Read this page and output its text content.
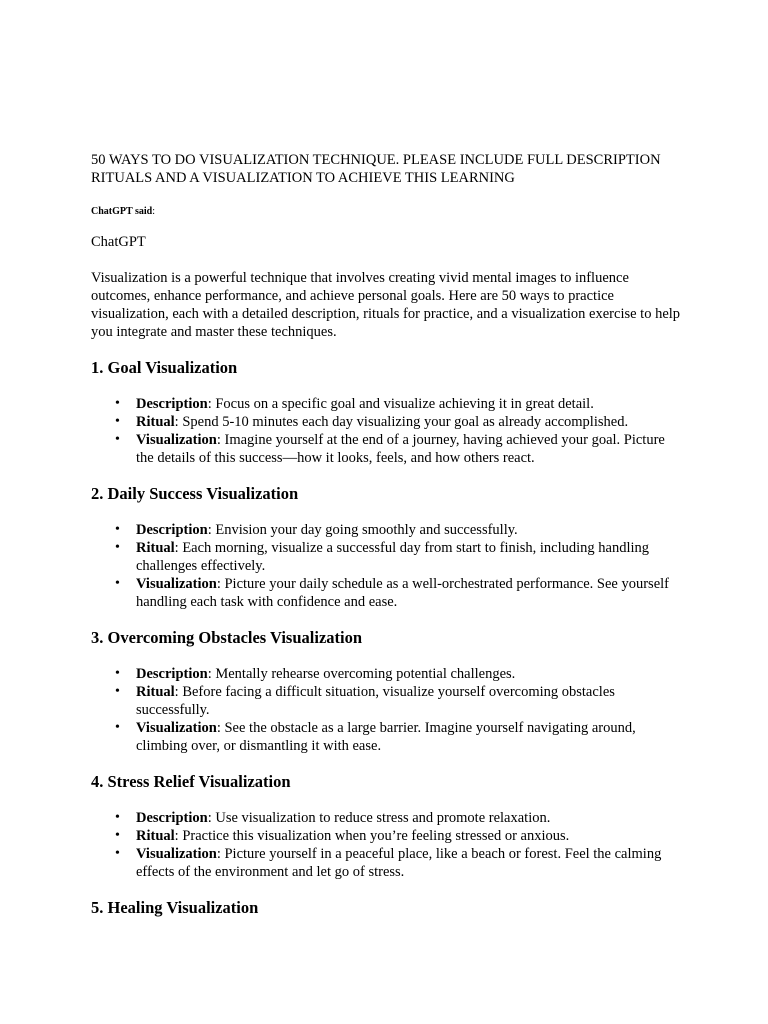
50 WAYS TO DO VISUALIZATION TECHNIQUE. PLEASE INCLUDE FULL DESCRIPTION RITUALS AND A VISUALIZATION TO ACHIEVE THIS LEARNING

ChatGPT said:

ChatGPT

Visualization is a powerful technique that involves creating vivid mental images to influence outcomes, enhance performance, and achieve personal goals. Here are 50 ways to practice visualization, each with a detailed description, rituals for practice, and a visualization exercise to help you integrate and master these techniques.

1. Goal Visualization
• Description: Focus on a specific goal and visualize achieving it in great detail.
• Ritual: Spend 5-10 minutes each day visualizing your goal as already accomplished.
• Visualization: Imagine yourself at the end of a journey, having achieved your goal. Picture the details of this success—how it looks, feels, and how others react.
2. Daily Success Visualization
• Description: Envision your day going smoothly and successfully.
• Ritual: Each morning, visualize a successful day from start to finish, including handling challenges effectively.
• Visualization: Picture your daily schedule as a well-orchestrated performance. See yourself handling each task with confidence and ease.
3. Overcoming Obstacles Visualization
• Description: Mentally rehearse overcoming potential challenges.
• Ritual: Before facing a difficult situation, visualize yourself overcoming obstacles successfully.
• Visualization: See the obstacle as a large barrier. Imagine yourself navigating around, climbing over, or dismantling it with ease.
4. Stress Relief Visualization
• Description: Use visualization to reduce stress and promote relaxation.
• Ritual: Practice this visualization when you’re feeling stressed or anxious.
• Visualization: Picture yourself in a peaceful place, like a beach or forest. Feel the calming effects of the environment and let go of stress.
5. Healing Visualization
